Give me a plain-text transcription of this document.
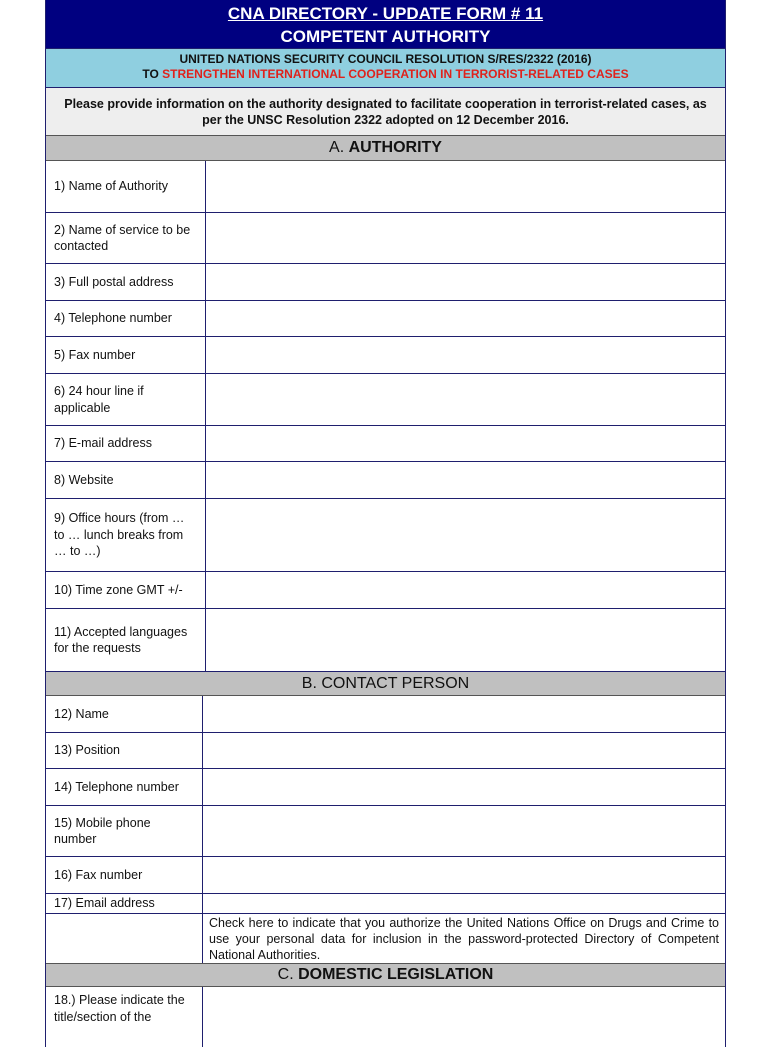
CNA DIRECTORY - UPDATE FORM # 11
COMPETENT AUTHORITY
UNITED NATIONS SECURITY COUNCIL RESOLUTION S/RES/2322 (2016)
TO STRENGTHEN INTERNATIONAL COOPERATION IN TERRORIST-RELATED CASES
Please provide information on the authority designated to facilitate cooperation in terrorist-related cases, as per the UNSC Resolution 2322 adopted on 12 December 2016.
A. AUTHORITY
1) Name of Authority
2) Name of service to be contacted
3) Full postal address
4) Telephone number
5) Fax number
6) 24 hour line if applicable
7) E-mail address
8) Website
9) Office hours (from … to … lunch breaks from … to …)
10) Time zone GMT +/-
11) Accepted languages for the requests
B. CONTACT PERSON
12) Name
13) Position
14) Telephone number
15) Mobile phone number
16) Fax number
17) Email address
Check here to indicate that you authorize the United Nations Office on Drugs and Crime to use your personal data for inclusion in the password-protected Directory of Competent National Authorities.
C. DOMESTIC LEGISLATION
18.) Please indicate the title/section of the
